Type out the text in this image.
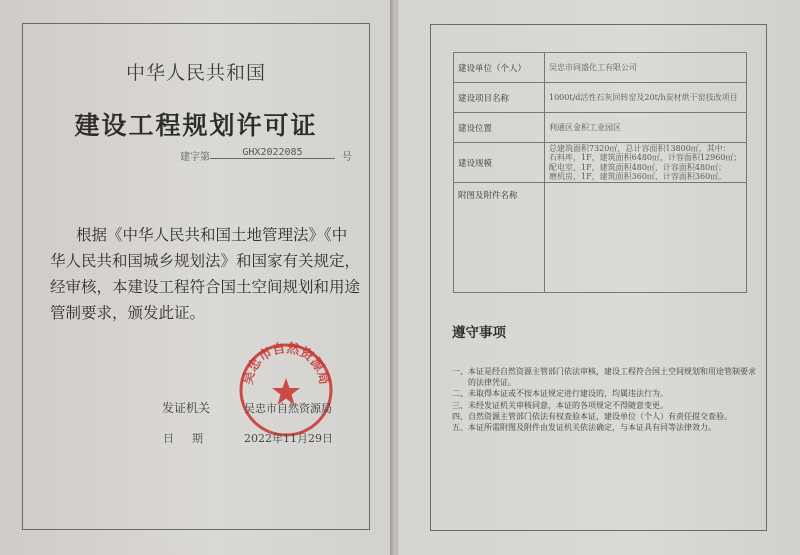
中华人民共和国
建设工程规划许可证
建字第	GHX2022085	号
根据《中华人民共和国土地管理法》《中
华人民共和国城乡规划法》和国家有关规定，
经审核，本建设工程符合国土空间规划和用途
管制要求，颁发此证。
吴忠市自然资源局
发证机关	吴忠市自然资源局
日期 2022年11月29日
建设单位（个人）	吴忠市同盛化工有限公司
建设项目名称	1000t/d活性石灰回转窑及20t/h炭材烘干窑技改项目
建设位置	利通区金积工业园区
建设规模	总建筑面积7320㎡，总计容面积13800㎡，其中：
石料库，1F，建筑面积6480㎡，计容面积12960㎡；
配电室，1F，建筑面积480㎡，计容面积480㎡；
磨机房，1F，建筑面积360㎡，计容面积360㎡。

附图及附件名称	
遵守事项
一、 本证是经自然资源主管部门依法审核，建设工程符合国土空间规划和用途管制要求的法律凭证。
二、 未取得本证或不按本证规定进行建设的，均属违法行为。
三、 未经发证机关审核同意，本证的各项规定不得随意变更。
四、 自然资源主管部门依法有权查验本证，建设单位（个人）有责任提交查验。
五、 本证所需附图及附件由发证机关依法确定，与本证具有同等法律效力。
